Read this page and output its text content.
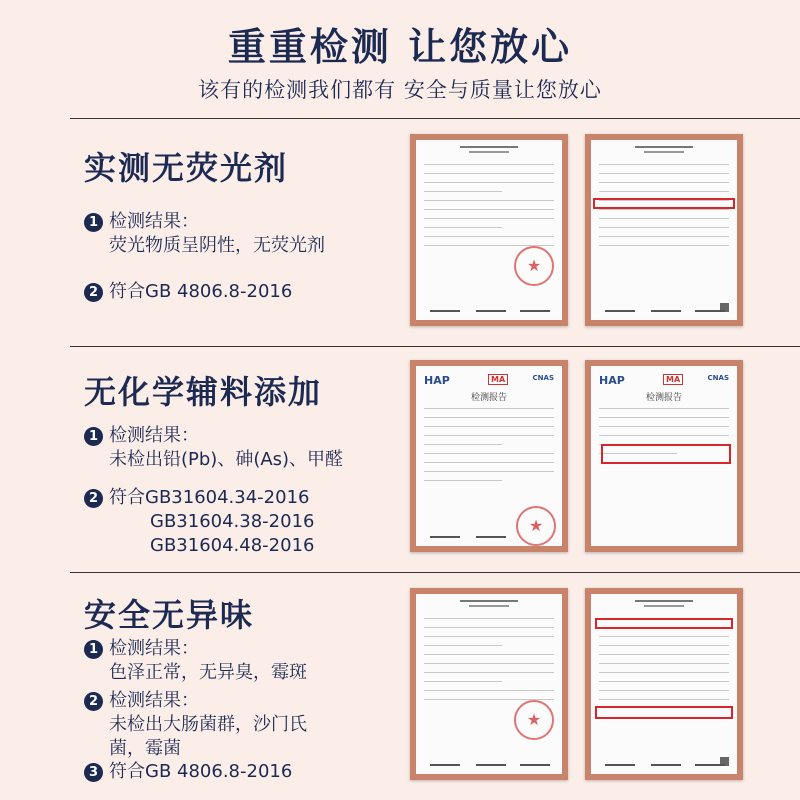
重重检测 让您放心
该有的检测我们都有 安全与质量让您放心
实测无荧光剂
1 检测结果：
荧光物质呈阴性，无荧光剂
2 符合GB 4806.8-2016
无化学辅料添加
1 检测结果：
未检出铅(Pb)、砷(As)、甲醛
2 符合GB31604.34-2016
GB31604.38-2016
GB31604.48-2016
安全无异味
1 检测结果：
色泽正常，无异臭，霉斑
2 检测结果：
未检出大肠菌群，沙门氏
菌，霉菌
3 符合GB 4806.8-2016
★
HAP	MA	CNAS
检测报告
★
HAP	MA	CNAS
检测报告
★
